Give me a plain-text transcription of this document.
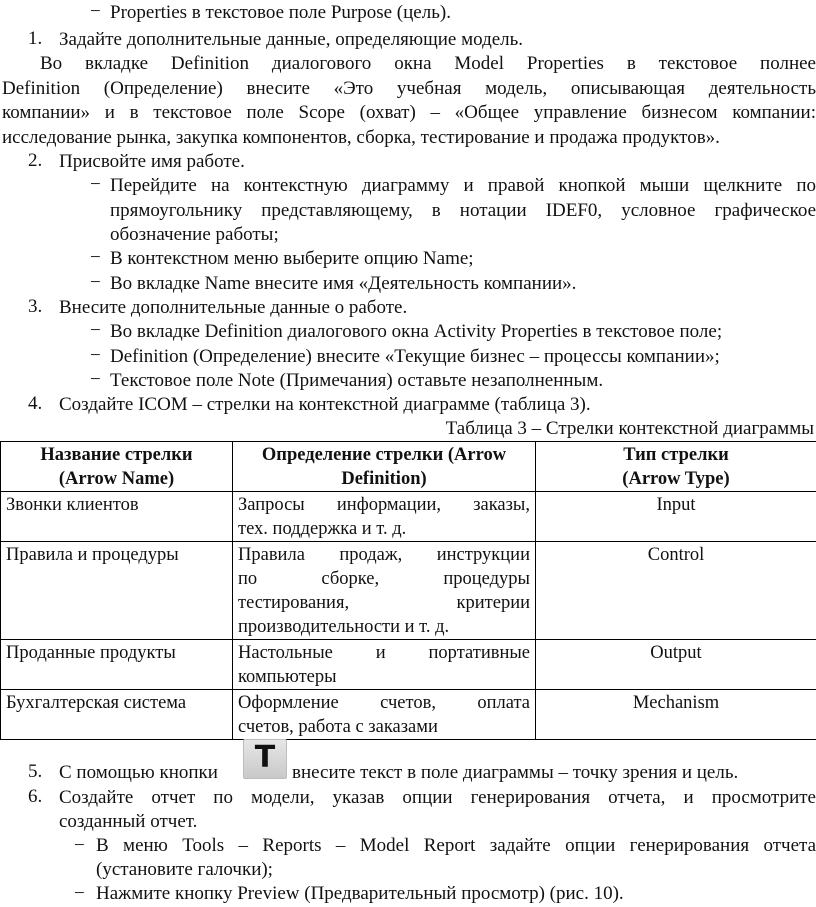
− Properties в текстовое поле Purpose (цель).
1. Задайте дополнительные данные, определяющие модель.
Во вкладке Definition диалогового окна Model Properties в текстовое полнее
Definition (Определение) внесите «Это учебная модель, описывающая деятельность
компании» и в текстовое поле Scope (охват) – «Общее управление бизнесом компании:
исследование рынка, закупка компонентов, сборка, тестирование и продажа продуктов».
2. Присвойте имя работе.
− Перейдите на контекстную диаграмму и правой кнопкой мыши щелкните по
прямоугольнику представляющему, в нотации IDEF0, условное графическое
обозначение работы;
− В контекстном меню выберите опцию Name;
− Во вкладке Name внесите имя «Деятельность компании».
3. Внесите дополнительные данные о работе.
− Во вкладке Definition диалогового окна Activity Properties в текстовое поле;
− Definition (Определение) внесите «Текущие бизнес – процессы компании»;
− Текстовое поле Note (Примечания) оставьте незаполненным.
4. Создайте ICOM – стрелки на контекстной диаграмме (таблица 3).
Таблица 3 – Стрелки контекстной диаграммы
Название стрелки
(Arrow Name)	Определение стрелки (Arrow
Definition)	Тип стрелки
(Arrow Type)

Звонки клиентов	Запросы информации, заказы,
тех. поддержка и т. д.	Input
Правила и процедуры	Правила продаж, инструкции
по сборке, процедуры
тестирования, критерии
производительности и т. д.	Control
Проданные продукты	Настольные и портативные
компьютеры	Output
Бухгалтерская система	Оформление счетов, оплата
счетов, работа с заказами	Mechanism
5. С помощью кнопки	T внесите текст в поле диаграммы – точку зрения и цель.
6. Создайте отчет по модели, указав опции генерирования отчета, и просмотрите
созданный отчет.
− В меню Tools – Reports – Model Report задайте опции генерирования отчета
(установите галочки);
− Нажмите кнопку Preview (Предварительный просмотр) (рис. 10).
